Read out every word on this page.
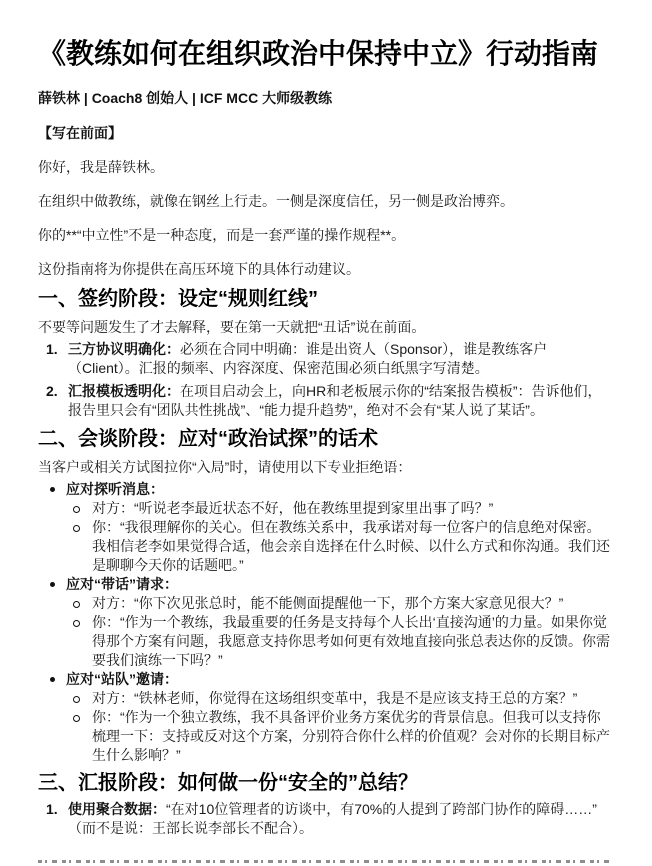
《教练如何在组织政治中保持中立》行动指南

薛铁林 | Coach8 创始人 | ICF MCC 大师级教练

【写在前面】

你好，我是薛铁林。

在组织中做教练，就像在钢丝上行走。一侧是深度信任，另一侧是政治博弈。

你的**“中立性”不是一种态度，而是一套严谨的操作规程**。

这份指南将为你提供在高压环境下的具体行动建议。

一、签约阶段：设定“规则红线”

不要等问题发生了才去解释，要在第一天就把“丑话”说在前面。

1. 三方协议明确化：必须在合同中明确：谁是出资人（Sponsor），谁是教练客户（Client）。汇报的频率、内容深度、保密范围必须白纸黑字写清楚。
2. 汇报模板透明化：在项目启动会上，向HR和老板展示你的“结案报告模板”：告诉他们，报告里只会有“团队共性挑战”、“能力提升趋势”，绝对不会有“某人说了某话”。
二、会谈阶段：应对“政治试探”的话术

当客户或相关方试图拉你“入局”时，请使用以下专业拒绝语：

应对探听消息：
对方：“听说老李最近状态不好，他在教练里提到家里出事了吗？”
你：“我很理解你的关心。但在教练关系中，我承诺对每一位客户的信息绝对保密。我相信老李如果觉得合适，他会亲自选择在什么时候、以什么方式和你沟通。我们还是聊聊今天你的话题吧。”
应对“带话”请求：
对方：“你下次见张总时，能不能侧面提醒他一下，那个方案大家意见很大？”
你：“作为一个教练，我最重要的任务是支持每个人长出‘直接沟通’的力量。如果你觉得那个方案有问题，我愿意支持你思考如何更有效地直接向张总表达你的反馈。你需要我们演练一下吗？”
应对“站队”邀请：
对方：“铁林老师，你觉得在这场组织变革中，我是不是应该支持王总的方案？”
你：“作为一个独立教练，我不具备评价业务方案优劣的背景信息。但我可以支持你梳理一下：支持或反对这个方案，分别符合你什么样的价值观？会对你的长期目标产生什么影响？”
三、汇报阶段：如何做一份“安全的”总结？
1. 使用聚合数据：“在对10位管理者的访谈中，有70%的人提到了跨部门协作的障碍……”（而不是说：王部长说李部长不配合）。
